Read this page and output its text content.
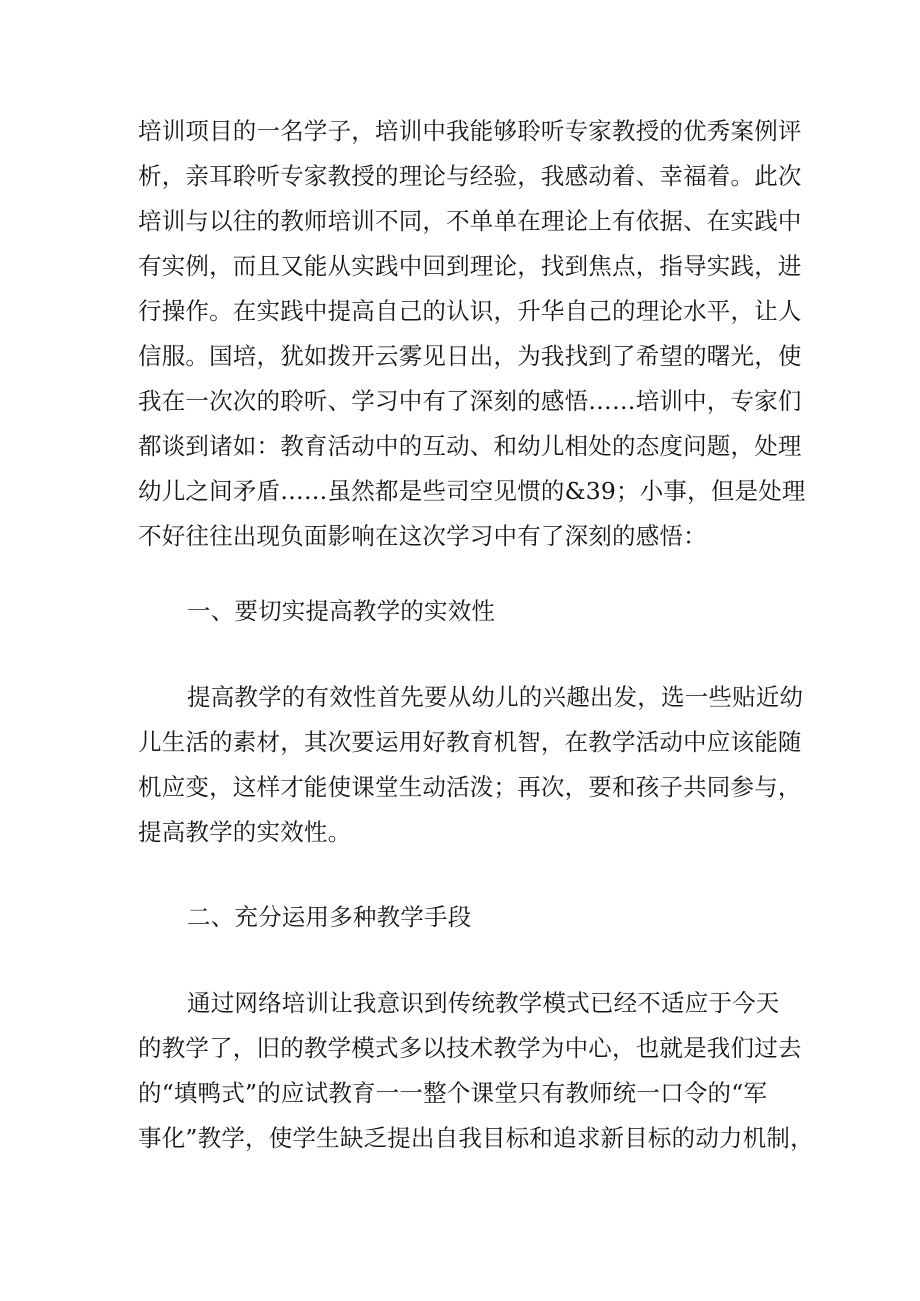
培训项目的一名学子，培训中我能够聆听专家教授的优秀案例评
析，亲耳聆听专家教授的理论与经验，我感动着、幸福着。此次
培训与以往的教师培训不同，不单单在理论上有依据、在实践中
有实例，而且又能从实践中回到理论，找到焦点，指导实践，进
行操作。在实践中提高自己的认识，升华自己的理论水平，让人
信服。国培，犹如拨开云雾见日出，为我找到了希望的曙光，使
我在一次次的聆听、学习中有了深刻的感悟……培训中，专家们
都谈到诸如：教育活动中的互动、和幼儿相处的态度问题，处理
幼儿之间矛盾……虽然都是些司空见惯的&39；小事，但是处理
不好往往出现负面影响在这次学习中有了深刻的感悟：
一、要切实提高教学的实效性
提高教学的有效性首先要从幼儿的兴趣出发，选一些贴近幼
儿生活的素材，其次要运用好教育机智，在教学活动中应该能随
机应变，这样才能使课堂生动活泼；再次，要和孩子共同参与，
提高教学的实效性。
二、充分运用多种教学手段
通过网络培训让我意识到传统教学模式已经不适应于今天
的教学了，旧的教学模式多以技术教学为中心，也就是我们过去
的“填鸭式”的应试教育一一整个课堂只有教师统一口令的“军
事化”教学，使学生缺乏提出自我目标和追求新目标的动力机制，
